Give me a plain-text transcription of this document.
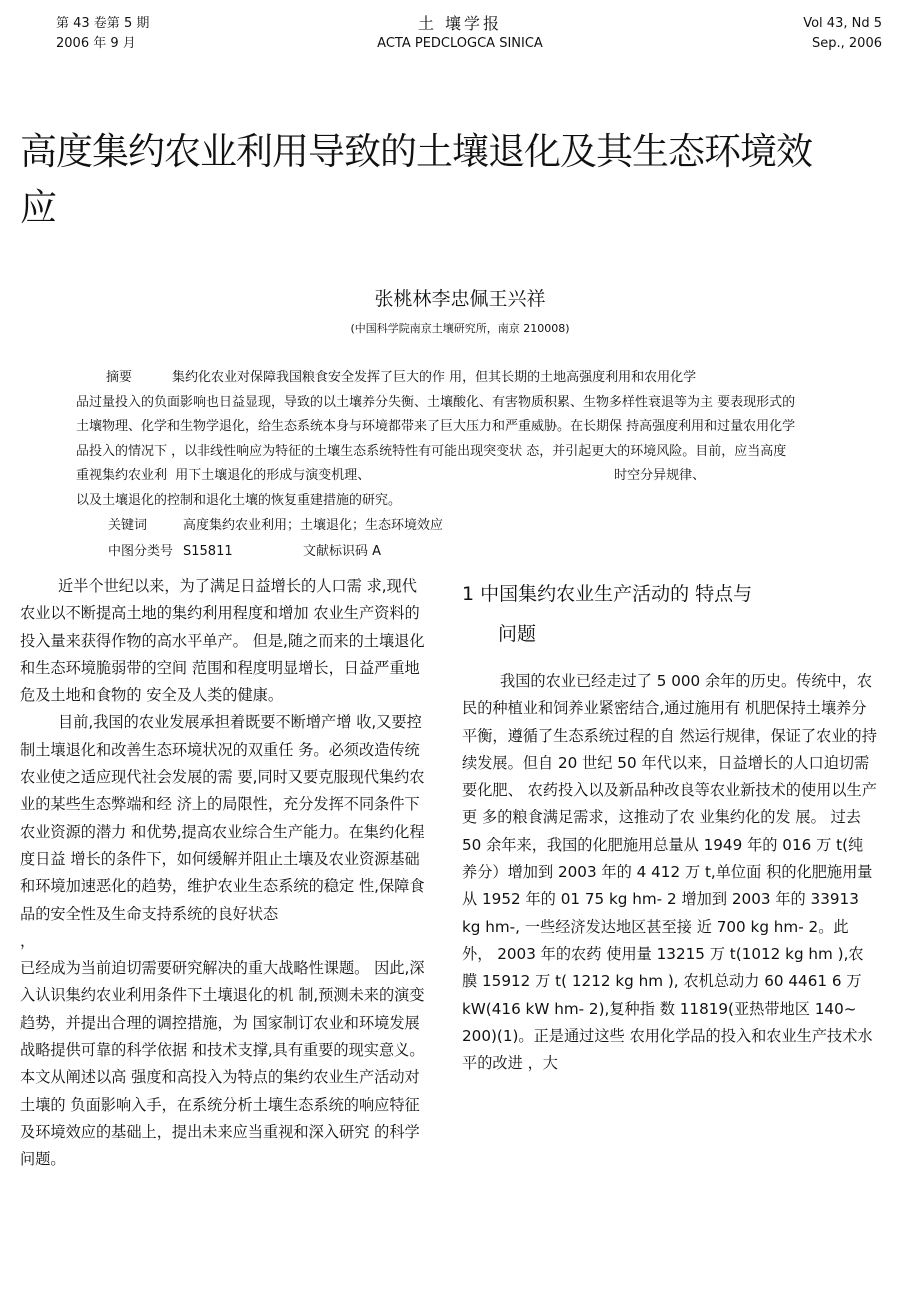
第 43 卷第 5 期
2006 年 9 月
土 壤学报
ACTA PEDCLOGCA SINICA
Vol 43, Nd 5
Sep., 2006
高度集约农业利用导致的土壤退化及其生态环境效
应
张桃林李忠佩王兴祥
(中国科学院南京土壤研究所，南京 210008)
摘要	集约化农业对保障我国粮食安全发挥了巨大的作 用，但其长期的土地高强度利用和农用化学
品过量投入的负面影响也日益显现，导致的以土壤养分失衡、土壤酸化、有害物质积累、生物多样性衰退等为主 要表现形式的
土壤物理、化学和生物学退化，给生态系统本身与环境都带来了巨大压力和严重威胁。在长期保 持高强度利用和过量农用化学
品投入的情况下 ，以非线性响应为特征的土壤生态系统特性有可能出现突变状 态，并引起更大的环境风险。目前，应当高度
重视集约农业利  用下土壤退化的形成与演变机理、                                                           时空分异规律、
以及土壤退化的控制和退化土壤的恢复重建措施的研究。
关键词	高度集约农业利用；土壤退化；生态环境效应
中图分类号 S15811	文献标识码 A

近半个世纪以来，为了满足日益增长的人口需 求,现代农业以不断提高土地的集约利用程度和增加 农业生产资料的投入量来获得作物的高水平单产。 但是,随之而来的土壤退化和生态环境脆弱带的空间 范围和程度明显增长，日益严重地危及土地和食物的 安全及人类的健康。

目前,我国的农业发展承担着既要不断增产增 收,又要控制土壤退化和改善生态环境状况的双重任 务。必须改造传统农业使之适应现代社会发展的需 要,同时又要克服现代集约农业的某些生态弊端和经 济上的局限性，充分发挥不同条件下农业资源的潜力 和优势,提高农业综合生产能力。在集约化程度日益 增长的条件下，如何缓解并阻止土壤及农业资源基础 和环境加速恶化的趋势，维护农业生态系统的稳定 性,保障食品的安全性及生命支持系统的良好状态

，

已经成为当前迫切需要研究解决的重大战略性课题。 因此,深入认识集约农业利用条件下土壤退化的机 制,预测未来的演变趋势，并提出合理的调控措施，为 国家制订农业和环境发展战略提供可靠的科学依据 和技术支撑,具有重要的现实意义。本文从阐述以高 强度和高投入为特点的集约农业生产活动对土壤的 负面影响入手，在系统分析土壤生态系统的响应特征 及环境效应的基础上，提出未来应当重视和深入研究 的科学问题。

1 中国集约农业生产活动的 特点与
问题

我国的农业已经走过了 5 000 余年的历史。传统中，农民的种植业和饲养业紧密结合,通过施用有 机肥保持土壤养分平衡，遵循了生态系统过程的自 然运行规律，保证了农业的持续发展。但自 20 世纪 50 年代以来，日益增长的人口迫切需要化肥、 农药投入以及新品种改良等农业新技术的使用以生产更 多的粮食满足需求，这推动了农 业集约化的发 展。 过去 50 余年来，我国的化肥施用总量从 1949 年的 016 万 t(纯养分）增加到 2003 年的 4 412 万 t,单位面 积的化肥施用量从 1952 年的 01 75 kg hm- 2 增加到 2003 年的 33913 kg hm-, 一些经济发达地区甚至接 近 700 kg hm- 2。此外， 2003 年的农药 使用量 13215 万 t(1012 kg hm ),农膜 15912 万 t( 1212 kg hm ), 农机总动力 60 4461 6 万 kW(416 kW hm- 2),复种指 数 11819(亚热带地区 140~ 200)(1)。正是通过这些 农用化学品的投入和农业生产技术水平的改进 ，大
